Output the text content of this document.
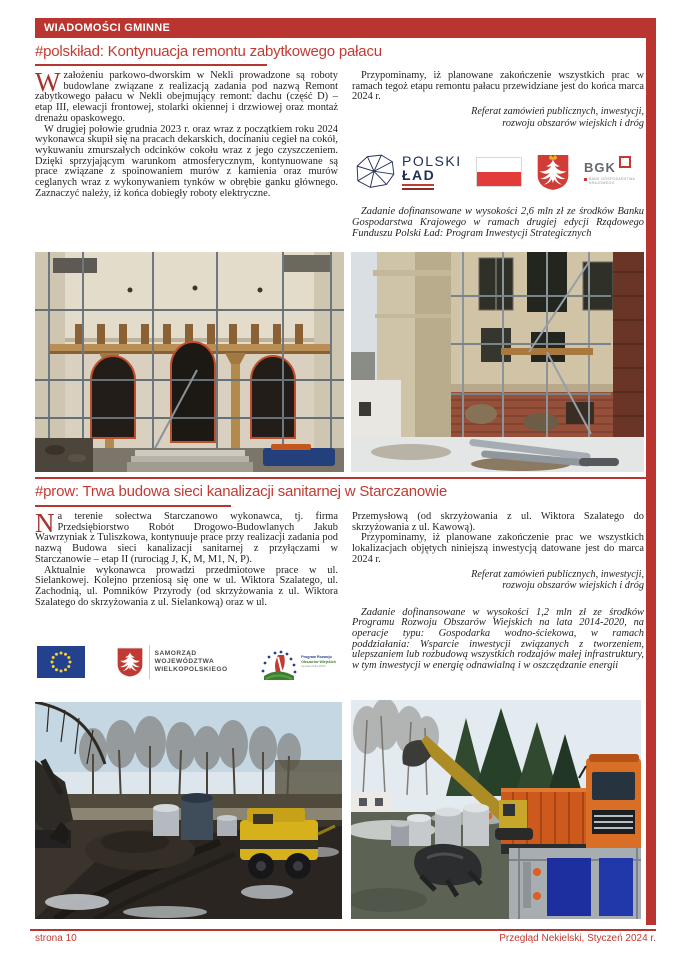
WIADOMOŚCI GMINNE
#polskiład: Kontynuacja remontu zabytkowego pałacu

Wzałożeniu parkowo-dworskim w Nekli prowadzone są roboty budowlane związane z realizacją zadania pod nazwą Remont zabytkowego pałacu w Nekli obejmujący remont: dachu (część D) – etap III, elewacji frontowej, stolarki okiennej i drzwiowej oraz montaż drenażu opaskowego.

W drugiej połowie grudnia 2023 r. oraz wraz z początkiem roku 2024 wykonawca skupił się na pracach dekarskich, docinaniu cegieł na cokół, wykuwaniu zmurszałych odcinków cokołu wraz z jego czyszczeniem. Dzięki sprzyjającym warunkom atmosferycznym, kontynuowane są prace związane z spoinowaniem murów z kamienia oraz murów ceglanych wraz z wykonywaniem tynków w obrębie ganku głównego. Zaznaczyć należy, iż końca dobiegły roboty elektryczne.

Przypominamy, iż planowane zakończenie wszystkich prac w ramach tegoż etapu remontu pałacu przewidziane jest do końca marca 2024 r.

Referat zamówień publicznych, inwestycji,
rozwoju obszarów wiejskich i dróg
POLSKI
ŁAD	BGK
BANK GOSPODARSTWA
KRAJOWEGO

Zadanie dofinansowane w wysokości 2,6 mln zł ze środków Banku Gospodarstwa Krajowego w ramach drugiej edycji Rządowego Funduszu Polski Ład: Program Inwestycji Strategicznych

#prow: Trwa budowa sieci kanalizacji sanitarnej w Starczanowie

Na terenie sołectwa Starczanowo wykonawca, tj. firma Przedsiębiorstwo Robót Drogowo-Budowlanych Jakub Wawrzyniak z Tuliszkowa, kontynuuje prace przy realizacji zadania pod nazwą Budowa sieci kanalizacji sanitarnej z przyłączami w Starczanowie – etap II (rurociąg J, K, M, M1, N, P).

Aktualnie wykonawca prowadzi przedmiotowe prace w ul. Sielankowej. Kolejno przeniosą się one w ul. Wiktora Szalatego, ul. Zachodnią, ul. Pomników Przyrody (od skrzyżowania z ul. Wiktora Szalatego do skrzyżowania z ul. Sielankową) oraz w ul.

SAMORZĄD
WOJEWÓDZTWA
WIELKOPOLSKIEGO
Program Rozwoju
Obszarów Wiejskich
na lata 2014-2020

Przemysłową (od skrzyżowania z ul. Wiktora Szalatego do skrzyżowania z ul. Kawową).

Przypominamy, iż planowane zakończenie prac we wszystkich lokalizacjach objętych niniejszą inwestycją datowane jest do marca 2024 r.

Referat zamówień publicznych, inwestycji,
rozwoju obszarów wiejskich i dróg

Zadanie dofinansowane w wysokości 1,2 mln zł ze środków Programu Rozwoju Obszarów Wiejskich na lata 2014-2020, na operacje typu: Gospodarka wodno-ściekowa, w ramach poddziałania: Wsparcie inwestycji związanych z tworzeniem, ulepszaniem lub rozbudową wszystkich rodzajów małej infrastruktury, w tym inwestycji w energię odnawialną i w oszczędzanie energii

strona 10	Przegląd Nekielski, Styczeń 2024 r.
